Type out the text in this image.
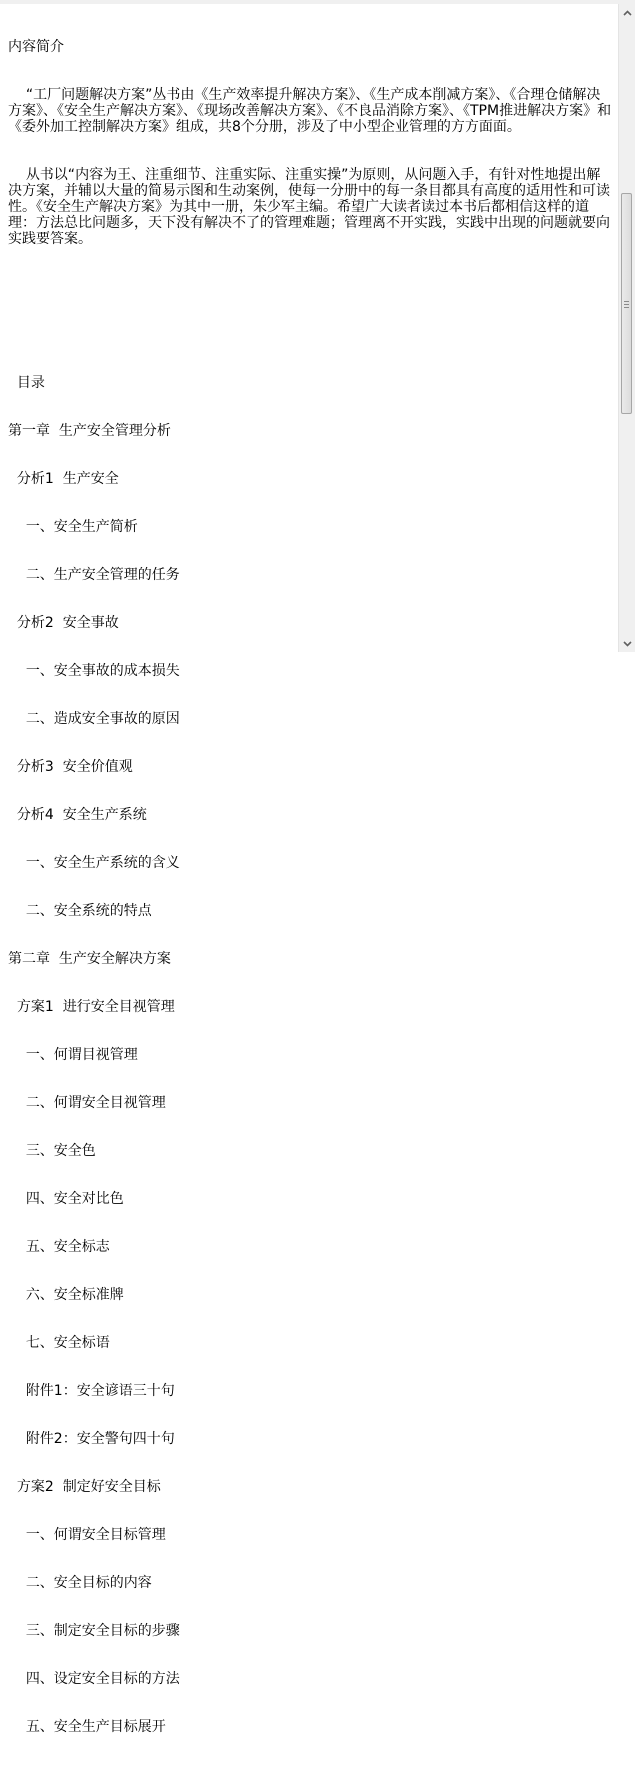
内容简介

“工厂问题解决方案”丛书由《生产效率提升解决方案》、《生产成本削减方案》、《合理仓储解决方案》、《安全生产解决方案》、《现场改善解决方案》、《不良品消除方案》、《TPM推进解决方案》和《委外加工控制解决方案》组成，共8个分册，涉及了中小型企业管理的方方面面。

从书以“内容为王、注重细节、注重实际、注重实操”为原则，从问题入手，有针对性地提出解决方案，并辅以大量的简易示图和生动案例，使每一分册中的每一条目都具有高度的适用性和可读性。《安全生产解决方案》为其中一册，朱少军主编。希望广大读者读过本书后都相信这样的道理：方法总比问题多，天下没有解决不了的管理难题；管理离不开实践，实践中出现的问题就要向实践要答案。

目录

第一章  生产安全管理分析

分析1  生产安全

一、安全生产简析

二、生产安全管理的任务

分析2  安全事故

一、安全事故的成本损失

二、造成安全事故的原因

分析3  安全价值观

分析4  安全生产系统

一、安全生产系统的含义

二、安全系统的特点

第二章  生产安全解决方案

方案1  进行安全目视管理

一、何谓目视管理

二、何谓安全目视管理

三、安全色

四、安全对比色

五、安全标志

六、安全标准牌

七、安全标语

附件1：安全谚语三十句

附件2：安全警句四十句

方案2  制定好安全目标

一、何谓安全目标管理

二、安全目标的内容

三、制定安全目标的步骤

四、设定安全目标的方法

五、安全生产目标展开
